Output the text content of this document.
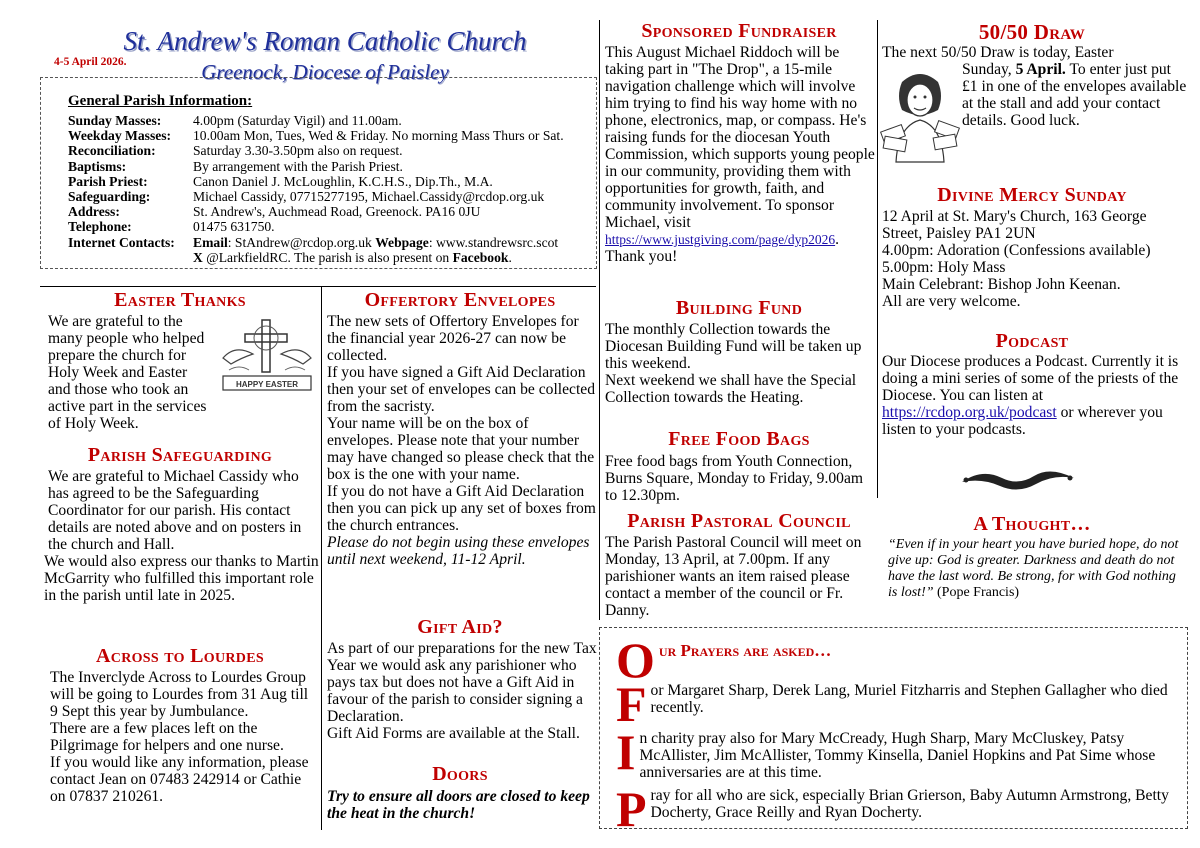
St. Andrew's Roman Catholic Church
Greenock, Diocese of Paisley
4-5 April 2026.
General Parish Information:
Sunday Masses:	4.00pm (Saturday Vigil) and 11.00am.
Weekday Masses:	10.00am Mon, Tues, Wed & Friday. No morning Mass Thurs or Sat.
Reconciliation:	Saturday 3.30-3.50pm also on request.
Baptisms:	By arrangement with the Parish Priest.
Parish Priest:	Canon Daniel J. McLoughlin, K.C.H.S., Dip.Th., M.A.
Safeguarding:	Michael Cassidy, 07715277195, Michael.Cassidy@rcdop.org.uk
Address:	St. Andrew's, Auchmead Road, Greenock. PA16 0JU
Telephone:	01475 631750.
Internet Contacts:	Email: StAndrew@rcdop.org.uk Webpage: www.standrewsrc.scot
X @LarkfieldRC. The parish is also present on Facebook.
Easter Thanks
We are grateful to the many people who helped prepare the church for Holy Week and Easter and those who took an active part in the services of Holy Week.
HAPPY EASTER
Parish Safeguarding

We are grateful to Michael Cassidy who has agreed to be the Safeguarding Coordinator for our parish. His contact details are noted above and on posters in the church and Hall.

We would also express our thanks to Martin McGarrity who fulfilled this important role in the parish until late in 2025.

Across to Lourdes

The Inverclyde Across to Lourdes Group will be going to Lourdes from 31 Aug till 9 Sept this year by Jumbulance.

There are a few places left on the Pilgrimage for helpers and one nurse.

If you would like any information, please contact Jean on 07483 242914 or Cathie on 07837 210261.

Offertory Envelopes

The new sets of Offertory Envelopes for the financial year 2026-27 can now be collected.

If you have signed a Gift Aid Declaration then your set of envelopes can be collected from the sacristy.

Your name will be on the box of envelopes. Please note that your number may have changed so please check that the box is the one with your name.

If you do not have a Gift Aid Declaration then you can pick up any set of boxes from the church entrances.

Please do not begin using these envelopes until next weekend, 11-12 April.

Gift Aid?

As part of our preparations for the new Tax Year we would ask any parishioner who pays tax but does not have a Gift Aid in favour of the parish to consider signing a Declaration.

Gift Aid Forms are available at the Stall.

Doors
Try to ensure all doors are closed to keep the heat in the church!
Sponsored Fundraiser
This August Michael Riddoch will be taking part in "The Drop", a 15-mile navigation challenge which will involve him trying to find his way home with no phone, electronics, map, or compass. He's raising funds for the diocesan Youth Commission, which supports young people in our community, providing them with opportunities for growth, faith, and community involvement. To sponsor Michael, visit https://www.justgiving.com/page/dyp2026.

Thank you!

Building Fund

The monthly Collection towards the Diocesan Building Fund will be taken up this weekend.

Next weekend we shall have the Special Collection towards the Heating.

Free Food Bags
Free food bags from Youth Connection, Burns Square, Monday to Friday, 9.00am to 12.30pm.
Parish Pastoral Council
The Parish Pastoral Council will meet on Monday, 13 April, at 7.00pm. If any parishioner wants an item raised please contact a member of the council or Fr. Danny.
50/50 Draw
The next 50/50 Draw is today, Easter
Sunday, 5 April. To enter just put £1 in one of the envelopes available at the stall and add your contact details. Good luck.
Divine Mercy Sunday

12 April at St. Mary's Church, 163 George Street, Paisley PA1 2UN

4.00pm: Adoration (Confessions available)

5.00pm: Holy Mass

Main Celebrant: Bishop John Keenan.

All are very welcome.

Podcast
Our Diocese produces a Podcast. Currently it is doing a mini series of some of the priests of the Diocese. You can listen at https://rcdop.org.uk/podcast or wherever you listen to your podcasts.
A Thought…
“Even if in your heart you have buried hope, do not give up: God is greater. Darkness and death do not have the last word. Be strong, for with God nothing is lost!” (Pope Francis)
O ur Prayers are asked…
For Margaret Sharp, Derek Lang, Muriel Fitzharris and Stephen Gallagher who died recently.
In charity pray also for Mary McCready, Hugh Sharp, Mary McCluskey, Patsy McAllister, Jim McAllister, Tommy Kinsella, Daniel Hopkins and Pat Sime whose anniversaries are at this time.
Pray for all who are sick, especially Brian Grierson, Baby Autumn Armstrong, Betty Docherty, Grace Reilly and Ryan Docherty.
